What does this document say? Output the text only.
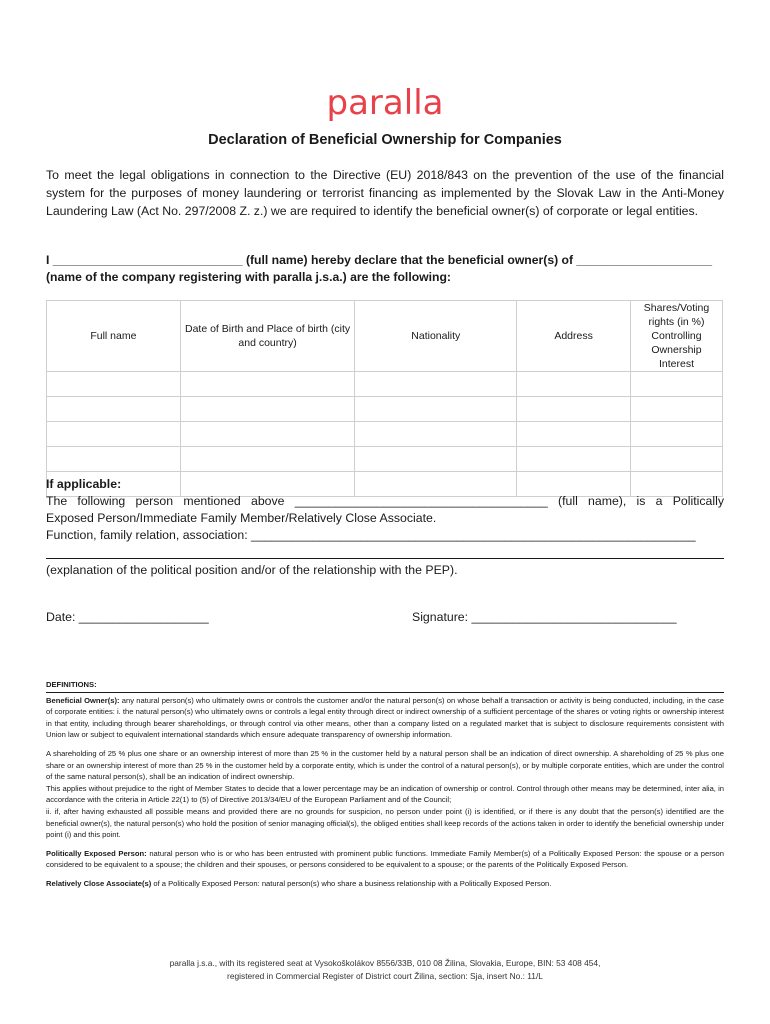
paralla
Declaration of Beneficial Ownership for Companies
To meet the legal obligations in connection to the Directive (EU) 2018/843 on the prevention of the use of the financial system for the purposes of money laundering or terrorist financing as implemented by the Slovak Law in the Anti-Money Laundering Law (Act No. 297/2008 Z. z.) we are required to identify the beneficial owner(s) of corporate or legal entities.
I ____________________________ (full name) hereby declare that the beneficial owner(s) of ____________________
(name of the company registering with paralla j.s.a.) are the following:
Full name	Date of Birth and Place of birth (city and country)	Nationality	Address	Shares/Voting rights (in %) Controlling Ownership Interest

If applicable:
The following person mentioned above _____________________________________ (full name), is a Politically
Exposed Person/Immediate Family Member/Relatively Close Associate.
Function, family relation, association: _________________________________________________________________
(explanation of the political position and/or of the relationship with the PEP).
Date: ___________________	Signature: ______________________________
DEFINITIONS:

Beneficial Owner(s): any natural person(s) who ultimately owns or controls the customer and/or the natural person(s) on whose behalf a transaction or activity is being conducted, including, in the case of corporate entities: i. the natural person(s) who ultimately owns or controls a legal entity through direct or indirect ownership of a sufficient percentage of the shares or voting rights or ownership interest in that entity, including through bearer shareholdings, or through control via other means, other than a company listed on a regulated market that is subject to disclosure requirements consistent with Union law or subject to equivalent international standards which ensure adequate transparency of ownership information.

A shareholding of 25 % plus one share or an ownership interest of more than 25 % in the customer held by a natural person shall be an indication of direct ownership. A shareholding of 25 % plus one share or an ownership interest of more than 25 % in the customer held by a corporate entity, which is under the control of a natural person(s), or by multiple corporate entities, which are under the control of the same natural person(s), shall be an indication of indirect ownership.

This applies without prejudice to the right of Member States to decide that a lower percentage may be an indication of ownership or control. Control through other means may be determined, inter alia, in accordance with the criteria in Article 22(1) to (5) of Directive 2013/34/EU of the European Parliament and of the Council;

ii. if, after having exhausted all possible means and provided there are no grounds for suspicion, no person under point (i) is identified, or if there is any doubt that the person(s) identified are the beneficial owner(s), the natural person(s) who hold the position of senior managing official(s), the obliged entities shall keep records of the actions taken in order to identify the beneficial ownership under point (i) and this point.

Politically Exposed Person: natural person who is or who has been entrusted with prominent public functions. Immediate Family Member(s) of a Politically Exposed Person: the spouse or a person considered to be equivalent to a spouse; the children and their spouses, or persons considered to be equivalent to a spouse; or the parents of the Politically Exposed Person.

Relatively Close Associate(s) of a Politically Exposed Person: natural person(s) who share a business relationship with a Politically Exposed Person.

paralla j.s.a., with its registered seat at Vysokoškolákov 8556/33B, 010 08 Žilina, Slovakia, Europe, BIN: 53 408 454,
registered in Commercial Register of District court Žilina, section: Sja, insert No.: 11/L
